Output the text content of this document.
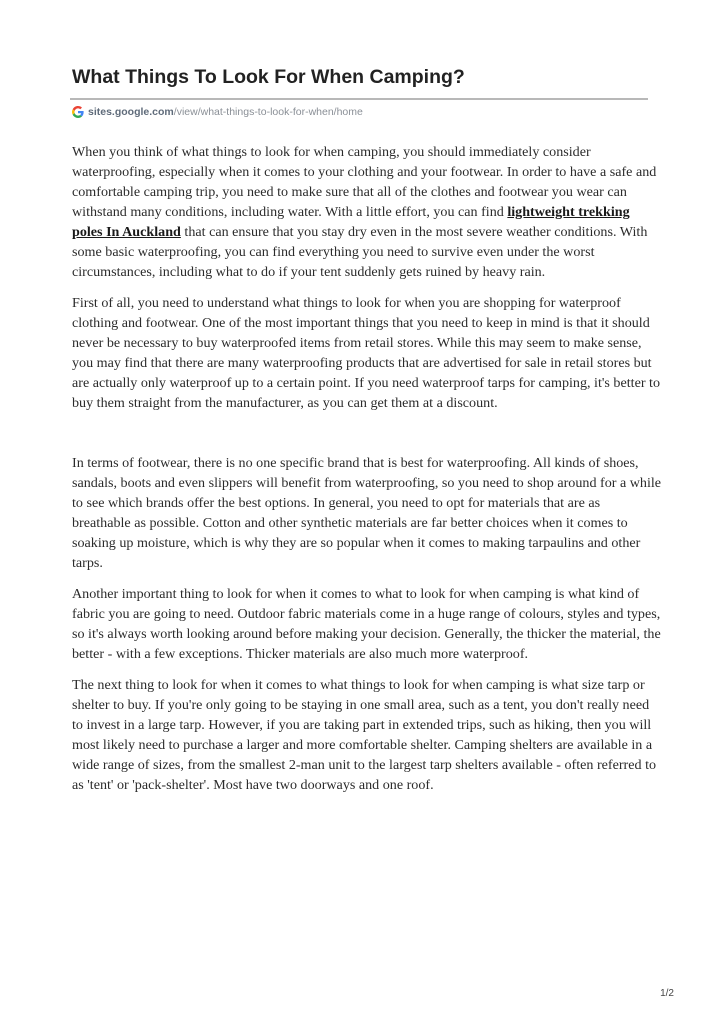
What Things To Look For When Camping?
sites.google.com /view/what-things-to-look-for-when/home

When you think of what things to look for when camping, you should immediately consider waterproofing, especially when it comes to your clothing and your footwear. In order to have a safe and comfortable camping trip, you need to make sure that all of the clothes and footwear you wear can withstand many conditions, including water. With a little effort, you can find lightweight trekking poles In Auckland that can ensure that you stay dry even in the most severe weather conditions. With some basic waterproofing, you can find everything you need to survive even under the worst circumstances, including what to do if your tent suddenly gets ruined by heavy rain.

First of all, you need to understand what things to look for when you are shopping for waterproof clothing and footwear. One of the most important things that you need to keep in mind is that it should never be necessary to buy waterproofed items from retail stores. While this may seem to make sense, you may find that there are many waterproofing products that are advertised for sale in retail stores but are actually only waterproof up to a certain point. If you need waterproof tarps for camping, it's better to buy them straight from the manufacturer, as you can get them at a discount.

In terms of footwear, there is no one specific brand that is best for waterproofing. All kinds of shoes, sandals, boots and even slippers will benefit from waterproofing, so you need to shop around for a while to see which brands offer the best options. In general, you need to opt for materials that are as breathable as possible. Cotton and other synthetic materials are far better choices when it comes to soaking up moisture, which is why they are so popular when it comes to making tarpaulins and other tarps.

Another important thing to look for when it comes to what to look for when camping is what kind of fabric you are going to need. Outdoor fabric materials come in a huge range of colours, styles and types, so it's always worth looking around before making your decision. Generally, the thicker the material, the better - with a few exceptions. Thicker materials are also much more waterproof.

The next thing to look for when it comes to what things to look for when camping is what size tarp or shelter to buy. If you're only going to be staying in one small area, such as a tent, you don't really need to invest in a large tarp. However, if you are taking part in extended trips, such as hiking, then you will most likely need to purchase a larger and more comfortable shelter. Camping shelters are available in a wide range of sizes, from the smallest 2-man unit to the largest tarp shelters available - often referred to as 'tent' or 'pack-shelter'. Most have two doorways and one roof.

1/2
